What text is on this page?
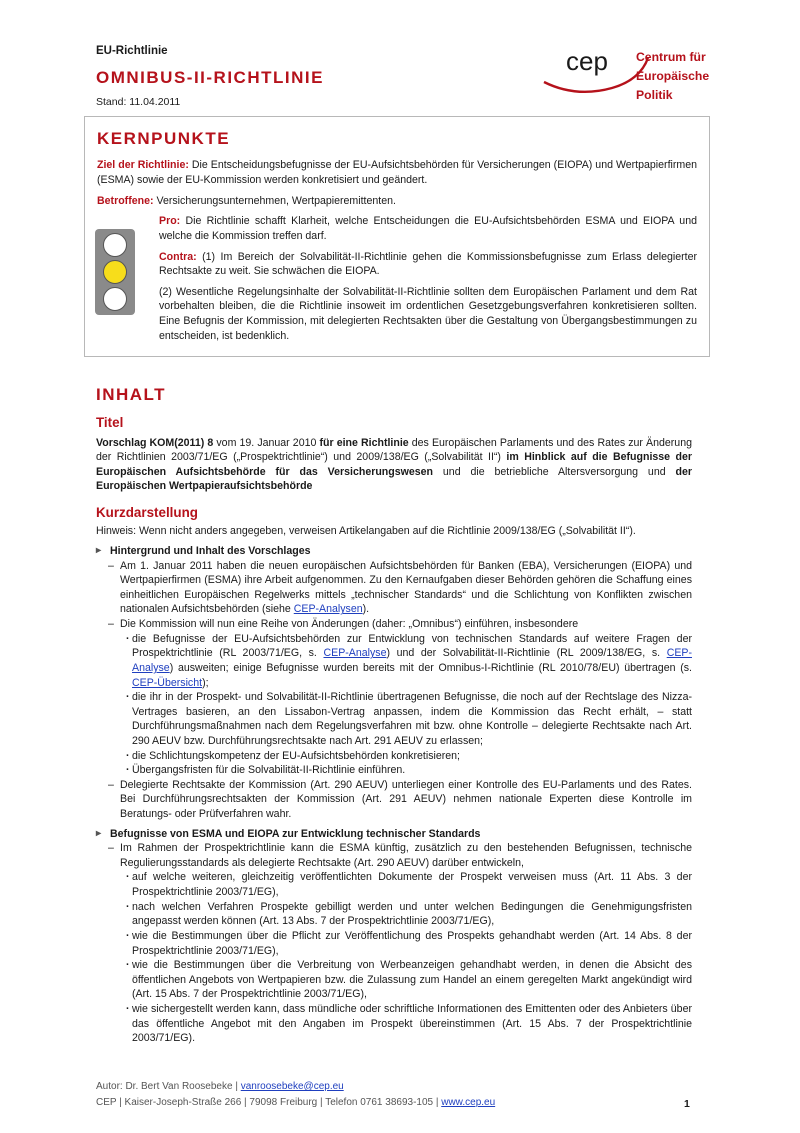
EU-Richtlinie
OMNIBUS-II-RICHTLINIE
Stand: 11.04.2011
cep Centrum für
Europäische Politik
KERNPUNKTE

Ziel der Richtlinie: Die Entscheidungsbefugnisse der EU-Aufsichtsbehörden für Versicherungen (EIOPA) und Wertpapierfirmen (ESMA) sowie der EU-Kommission werden konkretisiert und geändert.

Betroffene: Versicherungsunternehmen, Wertpapieremittenten.

Pro: Die Richtlinie schafft Klarheit, welche Entscheidungen die EU-Aufsichtsbehörden ESMA und EIOPA und welche die Kommission treffen darf.

Contra: (1) Im Bereich der Solvabilität-II-Richtlinie gehen die Kommissionsbefugnisse zum Erlass delegierter Rechtsakte zu weit. Sie schwächen die EIOPA.

(2) Wesentliche Regelungsinhalte der Solvabilität-II-Richtlinie sollten dem Europäischen Parlament und dem Rat vorbehalten bleiben, die die Richtlinie insoweit im ordentlichen Gesetzgebungsverfahren konkretisieren sollten. Eine Befugnis der Kommission, mit delegierten Rechtsakten über die Gestaltung von Übergangsbestimmungen zu entscheiden, ist bedenklich.

INHALT
Titel

Vorschlag KOM(2011) 8 vom 19. Januar 2010 für eine Richtlinie des Europäischen Parlaments und des Rates zur Änderung der Richtlinien 2003/71/EG („Prospektrichtlinie“) und 2009/138/EG („Solvabilität II“) im Hinblick auf die Befugnisse der Europäischen Aufsichtsbehörde für das Versicherungswesen und die betriebliche Altersversorgung und der Europäischen Wertpapieraufsichtsbehörde

Kurzdarstellung

Hinweis: Wenn nicht anders angegeben, verweisen Artikelangaben auf die Richtlinie 2009/138/EG („Solvabilität II“).

▸ Hintergrund und Inhalt des Vorschlages
– Am 1. Januar 2011 haben die neuen europäischen Aufsichtsbehörden für Banken (EBA), Versicherungen (EIOPA) und Wertpapierfirmen (ESMA) ihre Arbeit aufgenommen. Zu den Kernaufgaben dieser Behörden gehören die Schaffung eines einheitlichen Europäischen Regelwerks mittels „technischer Standards“ und die Schlichtung von Konflikten zwischen nationalen Aufsichtsbehörden (siehe CEP-Analysen).
– Die Kommission will nun eine Reihe von Änderungen (daher: „Omnibus“) einführen, insbesondere
· die Befugnisse der EU-Aufsichtsbehörden zur Entwicklung von technischen Standards auf weitere Fragen der Prospektrichtlinie (RL 2003/71/EG, s. CEP-Analyse) und der Solvabilität-II-Richtlinie (RL 2009/138/EG, s. CEP-Analyse) ausweiten; einige Befugnisse wurden bereits mit der Omnibus-I-Richtlinie (RL 2010/78/EU) übertragen (s. CEP-Übersicht);
· die ihr in der Prospekt- und Solvabilität-II-Richtlinie übertragenen Befugnisse, die noch auf der Rechtslage des Nizza-Vertrages basieren, an den Lissabon-Vertrag anpassen, indem die Kommission das Recht erhält, – statt Durchführungsmaßnahmen nach dem Regelungsverfahren mit bzw. ohne Kontrolle – delegierte Rechtsakte nach Art. 290 AEUV bzw. Durchführungsrechtsakte nach Art. 291 AEUV zu erlassen;
· die Schlichtungskompetenz der EU-Aufsichtsbehörden konkretisieren;
· Übergangsfristen für die Solvabilität-II-Richtlinie einführen.
– Delegierte Rechtsakte der Kommission (Art. 290 AEUV) unterliegen einer Kontrolle des EU-Parlaments und des Rates. Bei Durchführungsrechtsakten der Kommission (Art. 291 AEUV) nehmen nationale Experten diese Kontrolle im Beratungs- oder Prüfverfahren wahr.
▸ Befugnisse von ESMA und EIOPA zur Entwicklung technischer Standards
– Im Rahmen der Prospektrichtlinie kann die ESMA künftig, zusätzlich zu den bestehenden Befugnissen, technische Regulierungsstandards als delegierte Rechtsakte (Art. 290 AEUV) darüber entwickeln,
· auf welche weiteren, gleichzeitig veröffentlichten Dokumente der Prospekt verweisen muss (Art. 11 Abs. 3 der Prospektrichtlinie 2003/71/EG),
· nach welchen Verfahren Prospekte gebilligt werden und unter welchen Bedingungen die Genehmigungsfristen angepasst werden können (Art. 13 Abs. 7 der Prospektrichtlinie 2003/71/EG),
· wie die Bestimmungen über die Pflicht zur Veröffentlichung des Prospekts gehandhabt werden (Art. 14 Abs. 8 der Prospektrichtlinie 2003/71/EG),
· wie die Bestimmungen über die Verbreitung von Werbeanzeigen gehandhabt werden, in denen die Absicht des öffentlichen Angebots von Wertpapieren bzw. die Zulassung zum Handel an einem geregelten Markt angekündigt wird (Art. 15 Abs. 7 der Prospektrichtlinie 2003/71/EG),
· wie sichergestellt werden kann, dass mündliche oder schriftliche Informationen des Emittenten oder des Anbieters über das öffentliche Angebot mit den Angaben im Prospekt übereinstimmen (Art. 15 Abs. 7 der Prospektrichtlinie 2003/71/EG).
Autor: Dr. Bert Van Roosebeke | vanroosebeke@cep.eu
CEP | Kaiser-Joseph-Straße 266 | 79098 Freiburg | Telefon 0761 38693-105 | www.cep.eu	1
